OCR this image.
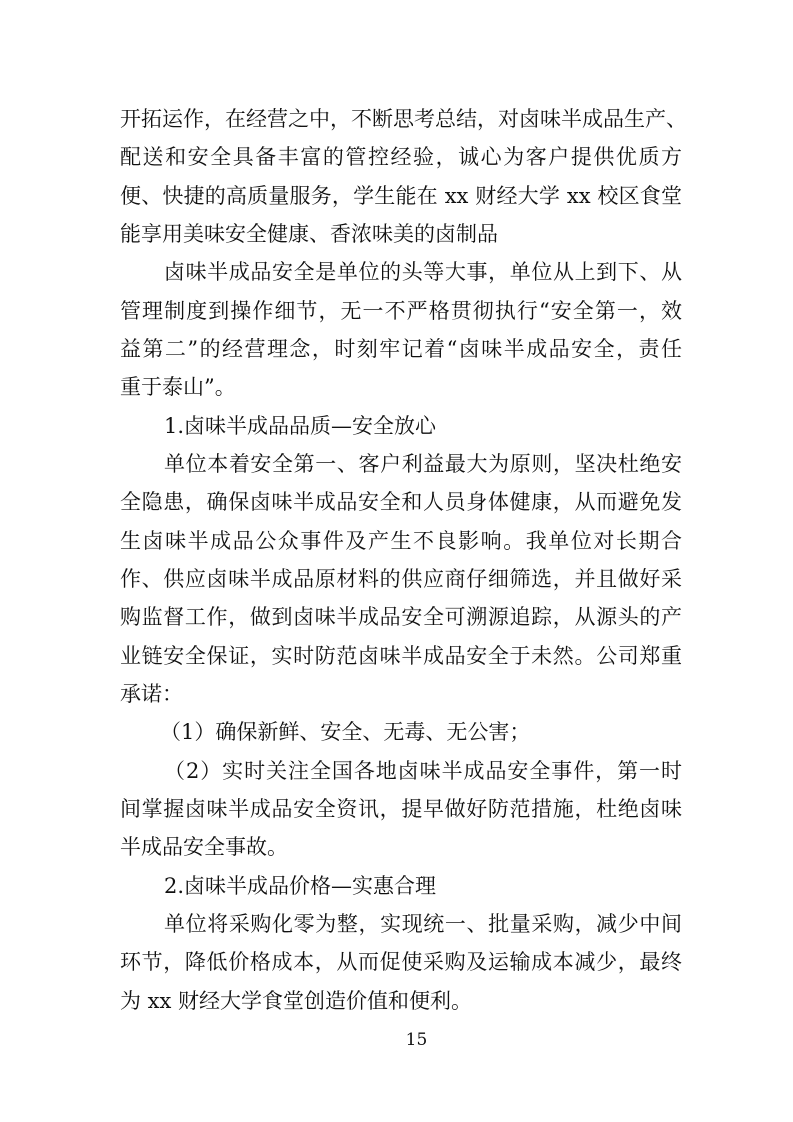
开拓运作，在经营之中，不断思考总结，对卤味半成品生产、
配送和安全具备丰富的管控经验，诚心为客户提供优质方
便、快捷的高质量服务，学生能在 xx 财经大学 xx 校区食堂
能享用美味安全健康、香浓味美的卤制品
卤味半成品安全是单位的头等大事，单位从上到下、从
管理制度到操作细节，无一不严格贯彻执行“安全第一，效
益第二”的经营理念，时刻牢记着“卤味半成品安全，责任
重于泰山”。
1.卤味半成品品质—安全放心
单位本着安全第一、客户利益最大为原则，坚决杜绝安
全隐患，确保卤味半成品安全和人员身体健康，从而避免发
生卤味半成品公众事件及产生不良影响。我单位对长期合
作、供应卤味半成品原材料的供应商仔细筛选，并且做好采
购监督工作，做到卤味半成品安全可溯源追踪，从源头的产
业链安全保证，实时防范卤味半成品安全于未然。公司郑重
承诺：
（1）确保新鲜、安全、无毒、无公害；
（2）实时关注全国各地卤味半成品安全事件，第一时
间掌握卤味半成品安全资讯，提早做好防范措施，杜绝卤味
半成品安全事故。
2.卤味半成品价格—实惠合理
单位将采购化零为整，实现统一、批量采购，减少中间
环节，降低价格成本，从而促使采购及运输成本减少，最终
为 xx 财经大学食堂创造价值和便利。
15
